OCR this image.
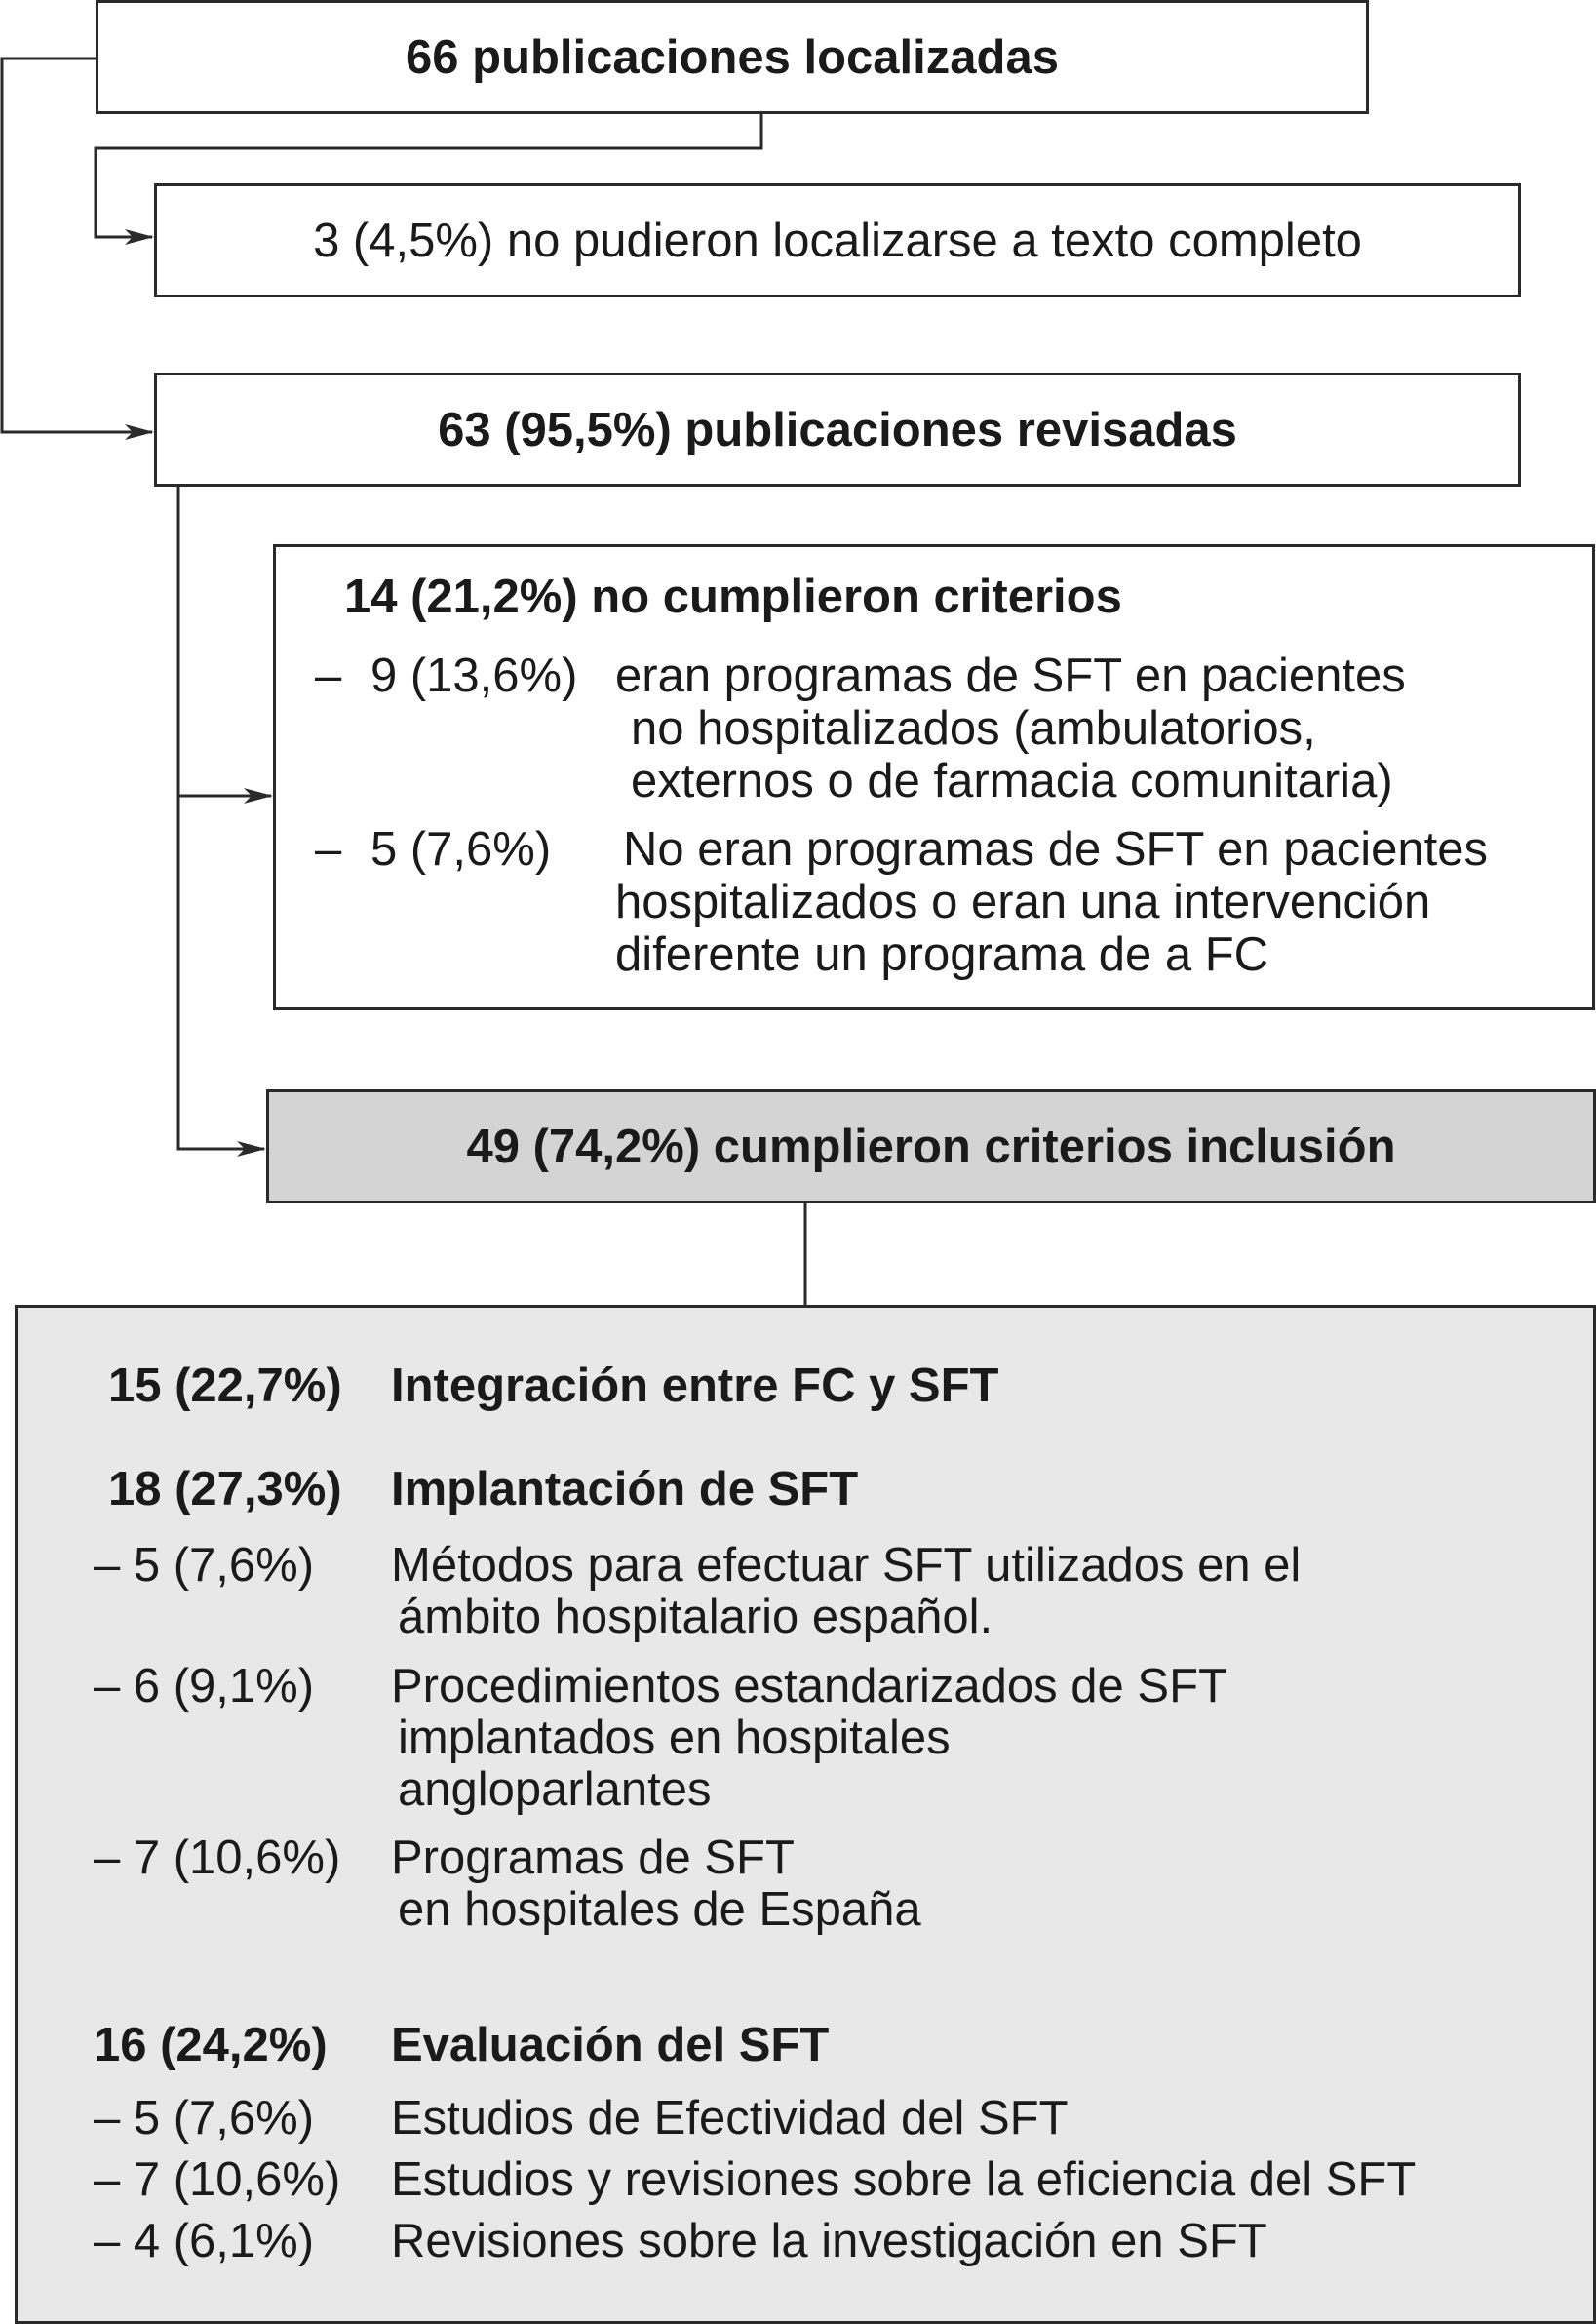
66 publicaciones localizadas
3 (4,5%) no pudieron localizarse a texto completo
63 (95,5%) publicaciones revisadas
14 (21,2%) no cumplieron criterios
– 9 (13,6%) eran programas de SFT en pacientes
no hospitalizados (ambulatorios,
externos o de farmacia comunitaria)
– 5 (7,6%) No eran programas de SFT en pacientes
hospitalizados o eran una intervención
diferente un programa de a FC
49 (74,2%) cumplieron criterios inclusión
15 (22,7%) Integración entre FC y SFT
18 (27,3%) Implantación de SFT
– 5 (7,6%) Métodos para efectuar SFT utilizados en el
ámbito hospitalario español.
– 6 (9,1%) Procedimientos estandarizados de SFT
implantados en hospitales
angloparlantes
– 7 (10,6%) Programas de SFT
en hospitales de España
16 (24,2%) Evaluación del SFT
– 5 (7,6%) Estudios de Efectividad del SFT
– 7 (10,6%) Estudios y revisiones sobre la eficiencia del SFT
– 4 (6,1%) Revisiones sobre la investigación en SFT
